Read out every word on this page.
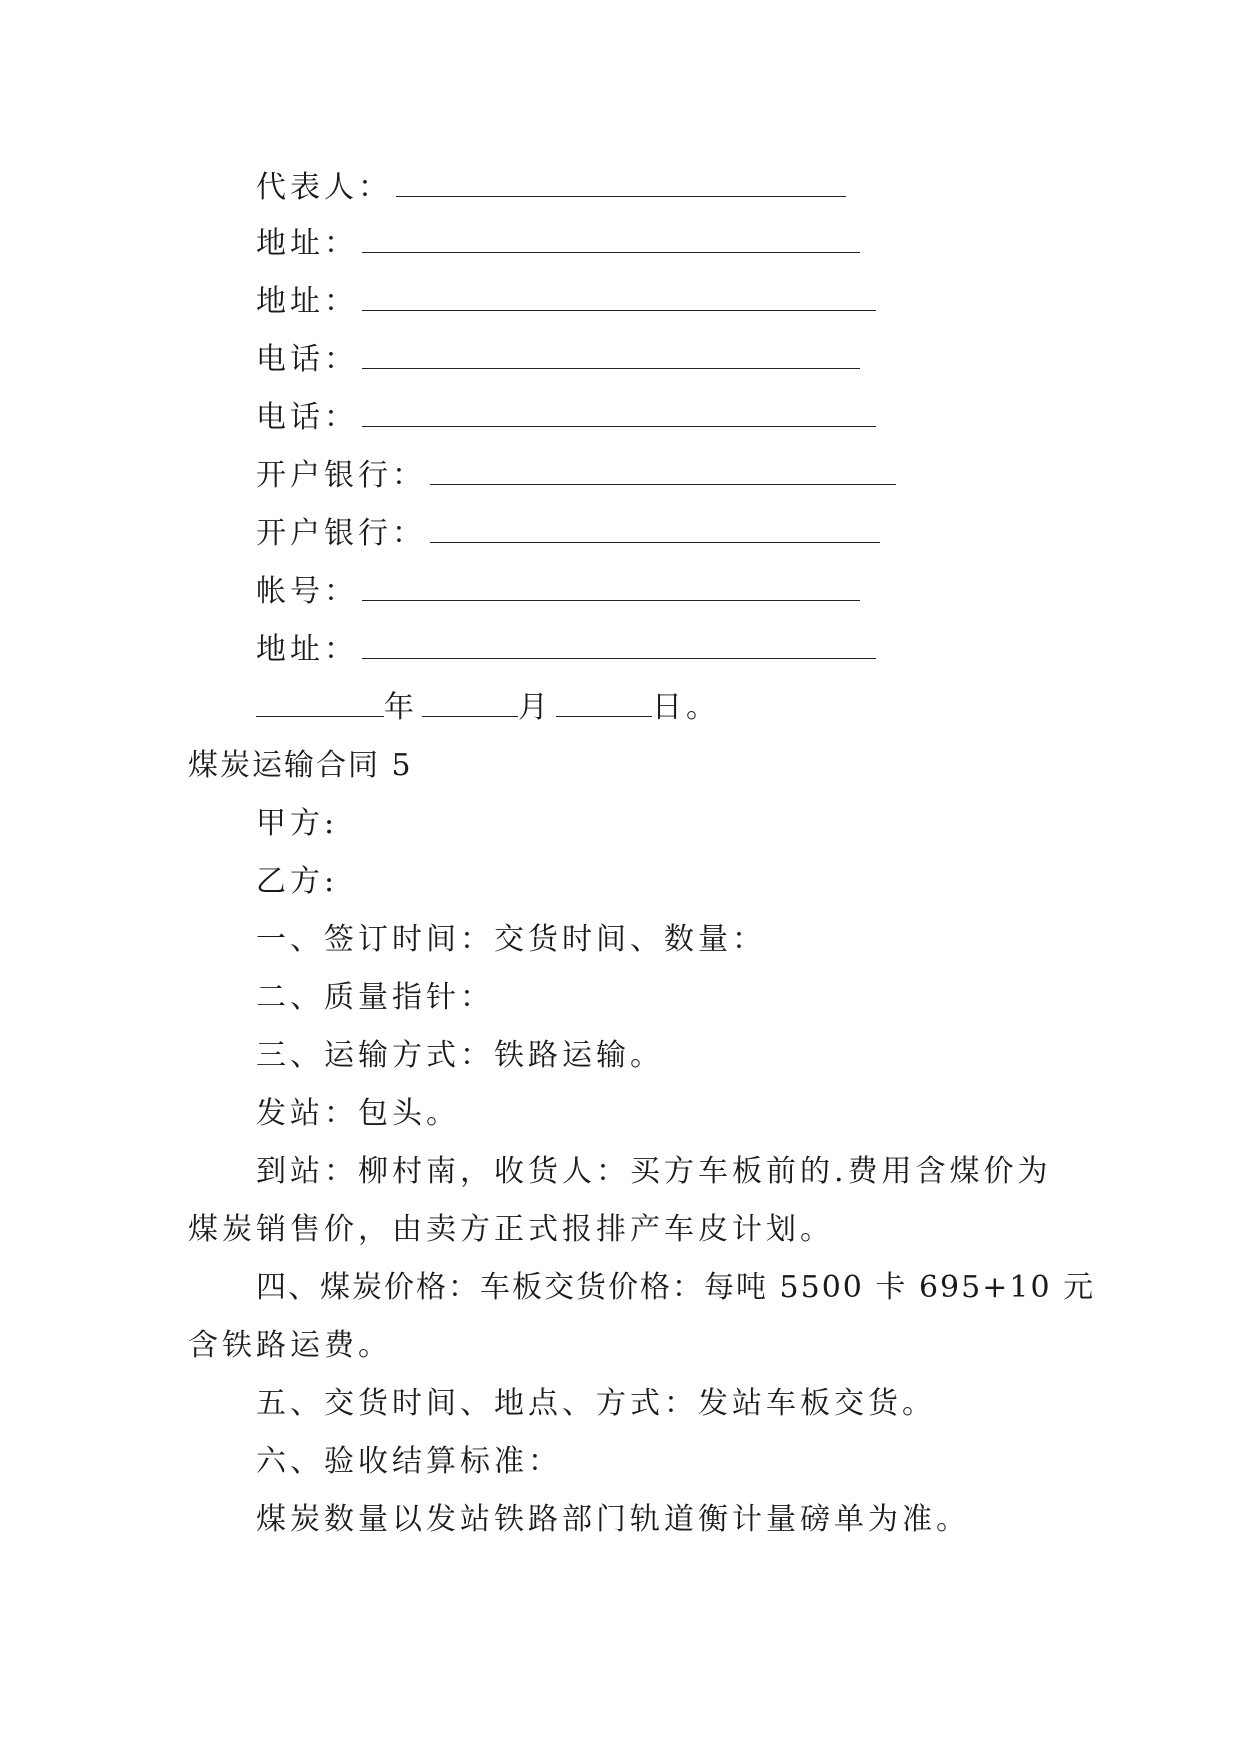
代表人：
地址：
地址：
电话：
电话：
开户银行：
开户银行：
帐号：
地址：
年	月	日。
煤炭运输合同 5
甲方:
乙方:
一、签订时间：交货时间、数量：
二、质量指针：
三、运输方式：铁路运输。
发站：包头。
到站：柳村南，收货人：买方车板前的.费用含煤价为
煤炭销售价，由卖方正式报排产车皮计划。
四、煤炭价格：车板交货价格：每吨 5500 卡 695+10 元
含铁路运费。
五、交货时间、地点、方式：发站车板交货。
六、验收结算标准：
煤炭数量以发站铁路部门轨道衡计量磅单为准。
